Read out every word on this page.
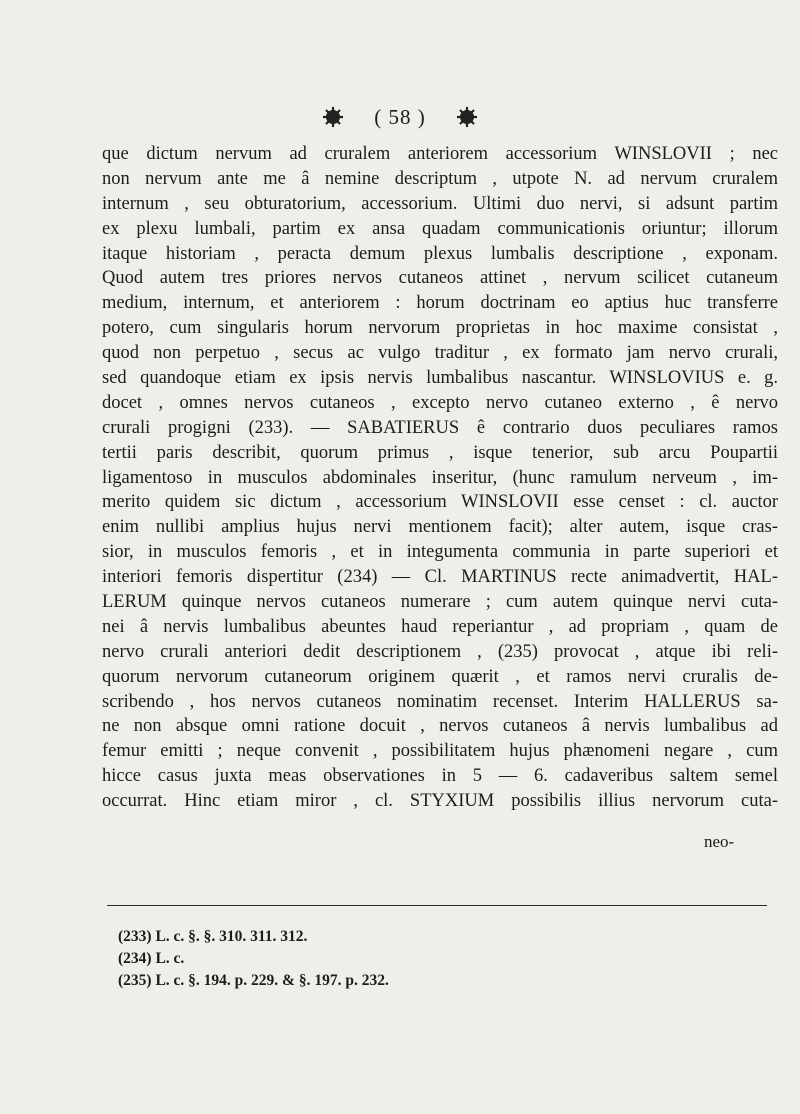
( 58 )
que dictum nervum ad cruralem anteriorem accessorium WINSLOVII ; nec
non nervum ante me â nemine descriptum , utpote N. ad nervum cruralem
internum , seu obturatorium, accessorium. Ultimi duo nervi, si adsunt partim
ex plexu lumbali, partim ex ansa quadam communicationis oriuntur; illorum
itaque historiam , peracta demum plexus lumbalis descriptione , exponam.
Quod autem tres priores nervos cutaneos attinet , nervum scilicet cutaneum
medium, internum, et anteriorem : horum doctrinam eo aptius huc transferre
potero, cum singularis horum nervorum proprietas in hoc maxime consistat ,
quod non perpetuo , secus ac vulgo traditur , ex formato jam nervo crurali,
sed quandoque etiam ex ipsis nervis lumbalibus nascantur. WINSLOVIUS e. g.
docet , omnes nervos cutaneos , excepto nervo cutaneo externo , ê nervo
crurali progigni (233). — SABATIERUS ê contrario duos peculiares ramos
tertii paris describit, quorum primus , isque tenerior, sub arcu Poupartii
ligamentoso in musculos abdominales inseritur, (hunc ramulum nerveum , im-
merito quidem sic dictum , accessorium WINSLOVII esse censet : cl. auctor
enim nullibi amplius hujus nervi mentionem facit); alter autem, isque cras-
sior, in musculos femoris , et in integumenta communia in parte superiori et
interiori femoris dispertitur (234) — Cl. MARTINUS recte animadvertit, HAL-
LERUM quinque nervos cutaneos numerare ; cum autem quinque nervi cuta-
nei â nervis lumbalibus abeuntes haud reperiantur , ad propriam , quam de
nervo crurali anteriori dedit descriptionem , (235) provocat , atque ibi reli-
quorum nervorum cutaneorum originem quærit , et ramos nervi cruralis de-
scribendo , hos nervos cutaneos nominatim recenset. Interim HALLERUS sa-
ne non absque omni ratione docuit , nervos cutaneos â nervis lumbalibus ad
femur emitti ; neque convenit , possibilitatem hujus phænomeni negare , cum
hicce casus juxta meas observationes in 5 — 6. cadaveribus saltem semel
occurrat. Hinc etiam miror , cl. STYXIUM possibilis illius nervorum cuta-
neo-
(233) L. c. §. §. 310. 311. 312.
(234) L. c.
(235) L. c. §. 194. p. 229. & §. 197. p. 232.
